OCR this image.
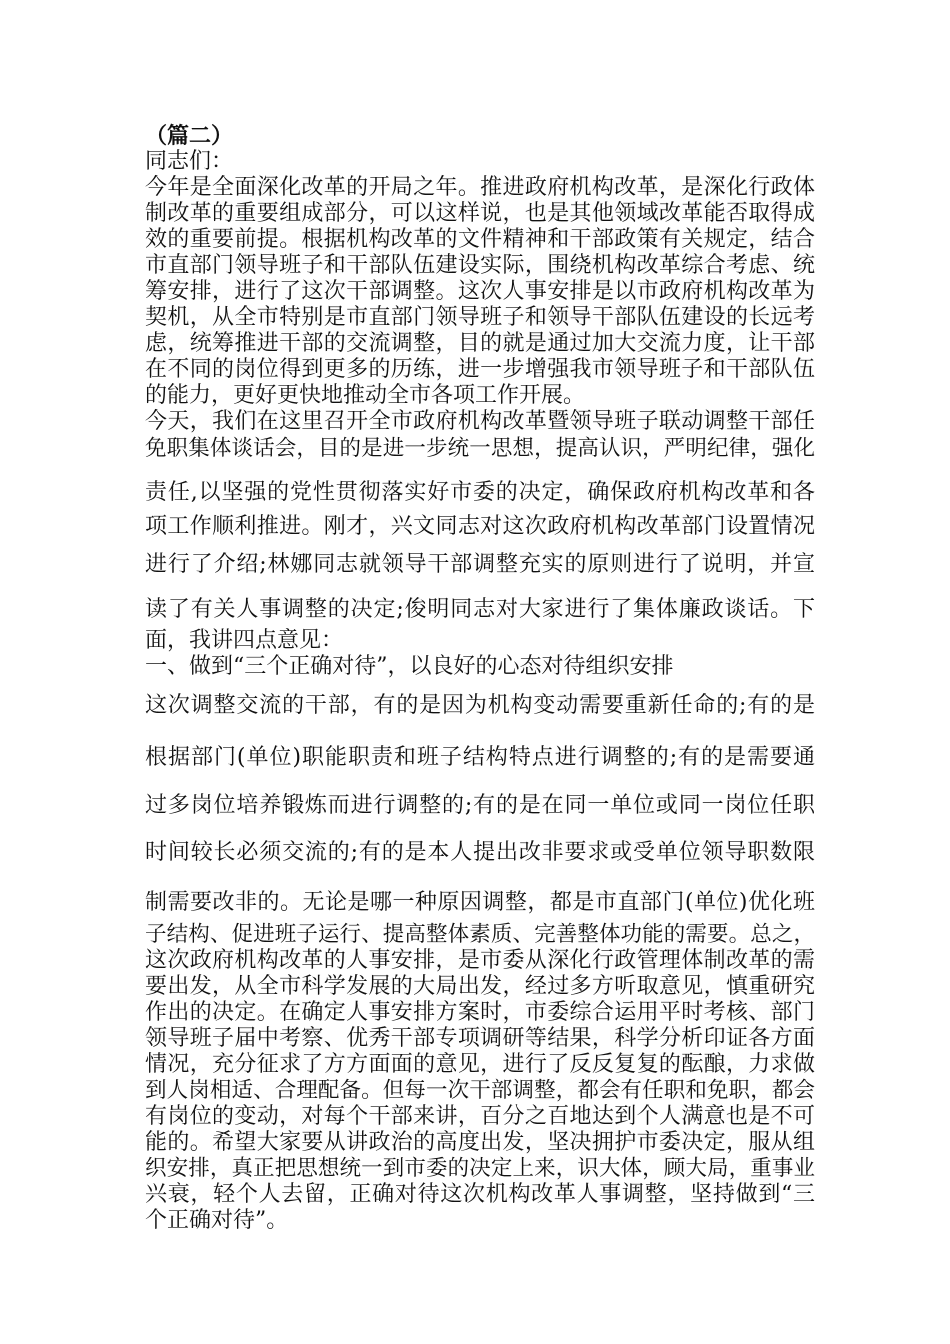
（篇二）
同志们：
今年是全面深化改革的开局之年。推进政府机构改革，是深化行政体
制改革的重要组成部分，可以这样说，也是其他领域改革能否取得成
效的重要前提。根据机构改革的文件精神和干部政策有关规定，结合
市直部门领导班子和干部队伍建设实际，围绕机构改革综合考虑、统
筹安排，进行了这次干部调整。这次人事安排是以市政府机构改革为
契机，从全市特别是市直部门领导班子和领导干部队伍建设的长远考
虑，统筹推进干部的交流调整，目的就是通过加大交流力度，让干部
在不同的岗位得到更多的历练，进一步增强我市领导班子和干部队伍
的能力，更好更快地推动全市各项工作开展。
今天，我们在这里召开全市政府机构改革暨领导班子联动调整干部任
免职集体谈话会，目的是进一步统一思想，提高认识，严明纪律，强化
责任,以坚强的党性贯彻落实好市委的决定，确保政府机构改革和各
项工作顺利推进。刚才，兴文同志对这次政府机构改革部门设置情况
进行了介绍;林娜同志就领导干部调整充实的原则进行了说明，并宣
读了有关人事调整的决定;俊明同志对大家进行了集体廉政谈话。下
面，我讲四点意见：
一、做到“三个正确对待”，以良好的心态对待组织安排
这次调整交流的干部，有的是因为机构变动需要重新任命的;有的是
根据部门(单位)职能职责和班子结构特点进行调整的;有的是需要通
过多岗位培养锻炼而进行调整的;有的是在同一单位或同一岗位任职
时间较长必须交流的;有的是本人提出改非要求或受单位领导职数限
制需要改非的。无论是哪一种原因调整，都是市直部门(单位)优化班
子结构、促进班子运行、提高整体素质、完善整体功能的需要。总之，
这次政府机构改革的人事安排，是市委从深化行政管理体制改革的需
要出发，从全市科学发展的大局出发，经过多方听取意见，慎重研究
作出的决定。在确定人事安排方案时，市委综合运用平时考核、部门
领导班子届中考察、优秀干部专项调研等结果，科学分析印证各方面
情况，充分征求了方方面面的意见，进行了反反复复的酝酿，力求做
到人岗相适、合理配备。但每一次干部调整，都会有任职和免职，都会
有岗位的变动，对每个干部来讲，百分之百地达到个人满意也是不可
能的。希望大家要从讲政治的高度出发，坚决拥护市委决定，服从组
织安排，真正把思想统一到市委的决定上来，识大体，顾大局，重事业
兴衰，轻个人去留，正确对待这次机构改革人事调整，坚持做到“三
个正确对待”。
